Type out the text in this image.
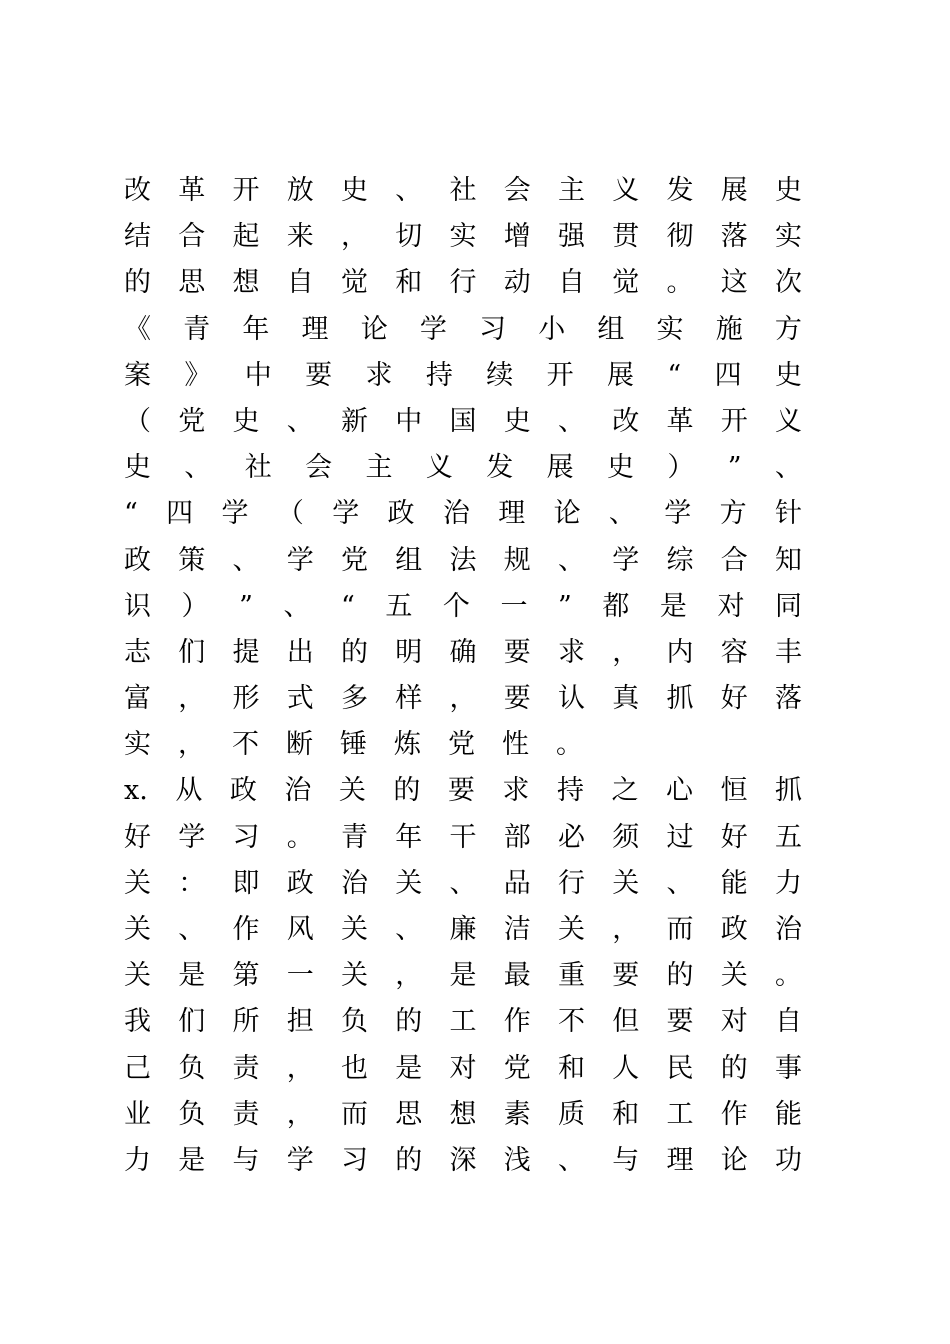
改 革 开 放 史 、 社 会 主 义 发 展 史
结 合 起 来 ， 切 实 增 强 贯 彻 落 实
的 思 想 自 觉 和 行 动 自 觉 。 这 次
《 青 年 理 论 学 习 小 组 实 施 方
案 》 中 要 求 持 续 开 展 “ 四 史
（ 党 史 、 新 中 国 史 、 改 革 开 义
史 、 社 会 主 义 发 展 史 ） ” 、
“ 四 学 （ 学 政 治 理 论 、 学 方 针
政 策 、 学 党 组 法 规 、 学 综 合 知
识 ） ” 、 “ 五 个 一 ” 都 是 对 同
志 们 提 出 的 明 确 要 求 ， 内 容 丰
富 ， 形 式 多 样 ， 要 认 真 抓 好 落
实 ， 不 断 锤 炼 党 性 。
x. 从 政 治 关 的 要 求 持 之 心 恒 抓
好 学 习 。 青 年 干 部 必 须 过 好 五
关 ： 即 政 治 关 、 品 行 关 、 能 力
关 、 作 风 关 、 廉 洁 关 ， 而 政 治
关 是 第 一 关 ， 是 最 重 要 的 关 。
我 们 所 担 负 的 工 作 不 但 要 对 自
己 负 责 ， 也 是 对 党 和 人 民 的 事
业 负 责 ， 而 思 想 素 质 和 工 作 能
力 是 与 学 习 的 深 浅 、 与 理 论 功
